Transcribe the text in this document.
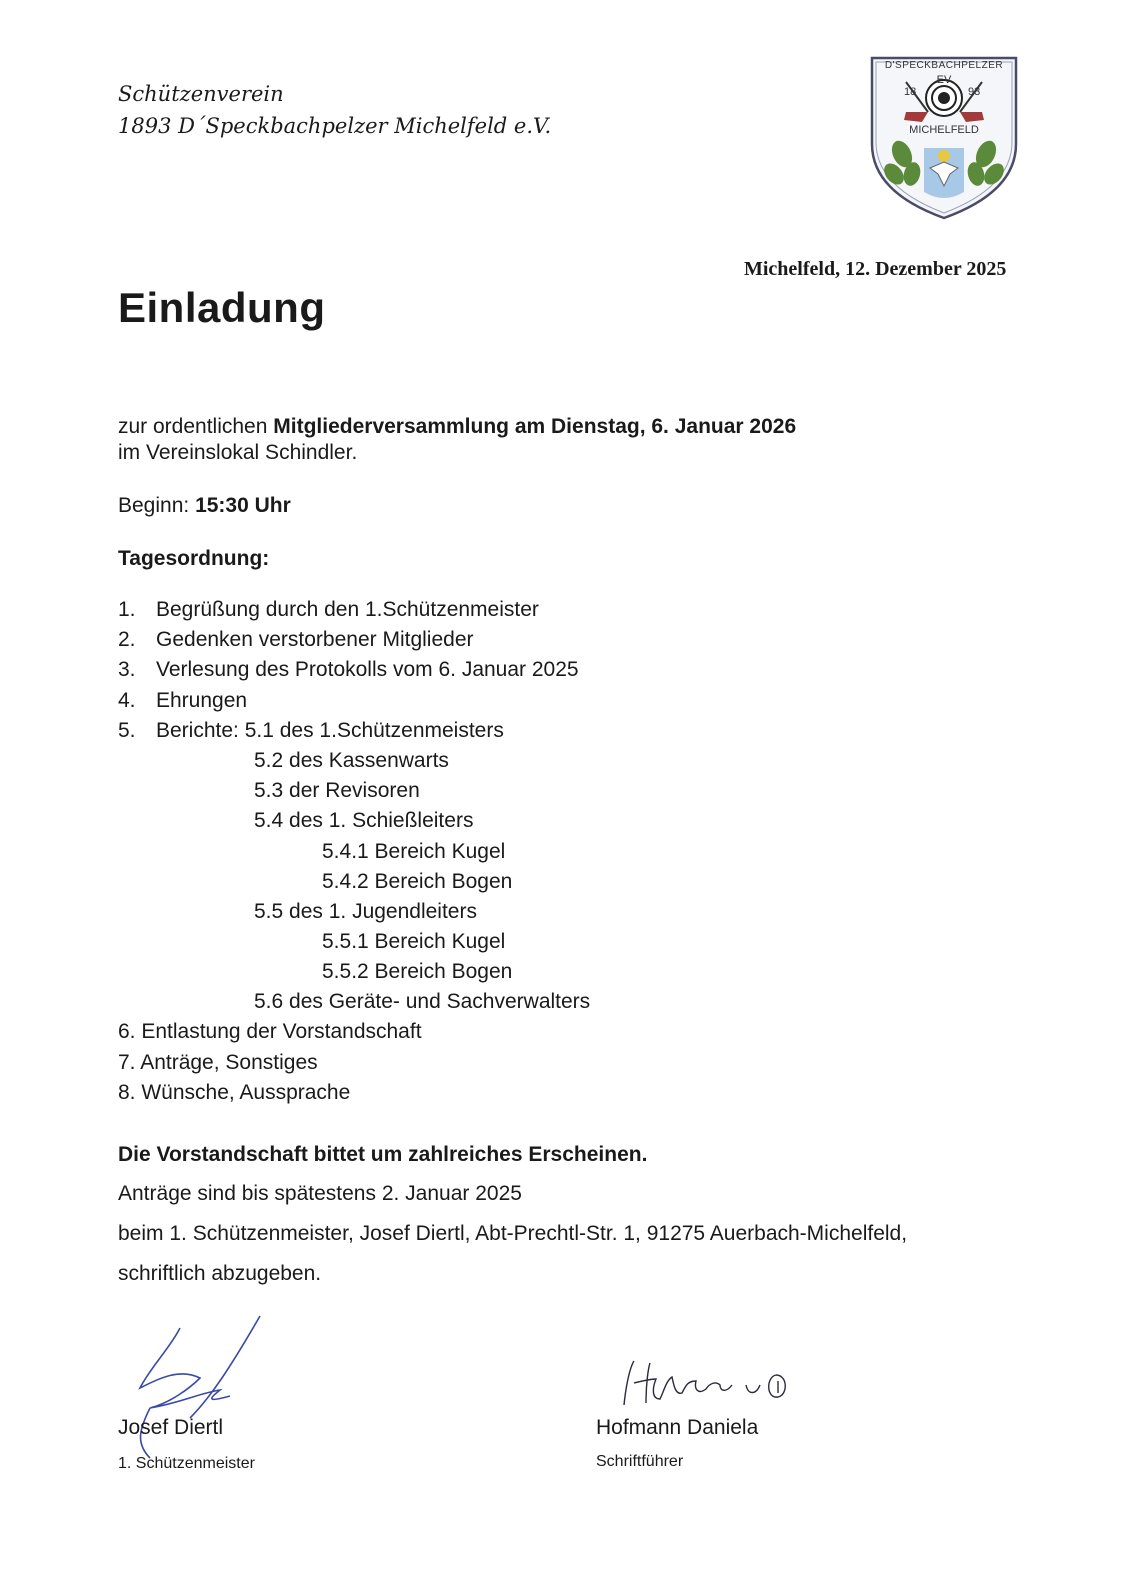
Schützenverein
1893 D´Speckbachpelzer Michelfeld e.V.
D'SPECKBACHPELZER
EV
18	93
MICHELFELD
Michelfeld, 12. Dezember 2025
Einladung
zur ordentlichen Mitgliederversammlung am Dienstag, 6. Januar 2026
im Vereinslokal Schindler.
Beginn: 15:30 Uhr
Tagesordnung:
1. Begrüßung durch den 1.Schützenmeister
2. Gedenken verstorbener Mitglieder
3. Verlesung des Protokolls vom 6. Januar 2025
4. Ehrungen
5. Berichte: 5.1 des 1.Schützenmeisters
5.2 des Kassenwarts
5.3 der Revisoren
5.4 des 1. Schießleiters
5.4.1 Bereich Kugel
5.4.2 Bereich Bogen
5.5 des 1. Jugendleiters
5.5.1 Bereich Kugel
5.5.2 Bereich Bogen
5.6 des Geräte- und Sachverwalters
6. Entlastung der Vorstandschaft
7. Anträge, Sonstiges
8. Wünsche, Aussprache
Die Vorstandschaft bittet um zahlreiches Erscheinen.
Anträge sind bis spätestens 2. Januar 2025
beim 1. Schützenmeister, Josef Diertl, Abt-Prechtl-Str. 1, 91275 Auerbach-Michelfeld,
schriftlich abzugeben.
Josef Diertl
1. Schützenmeister
Hofmann Daniela
Schriftführer
